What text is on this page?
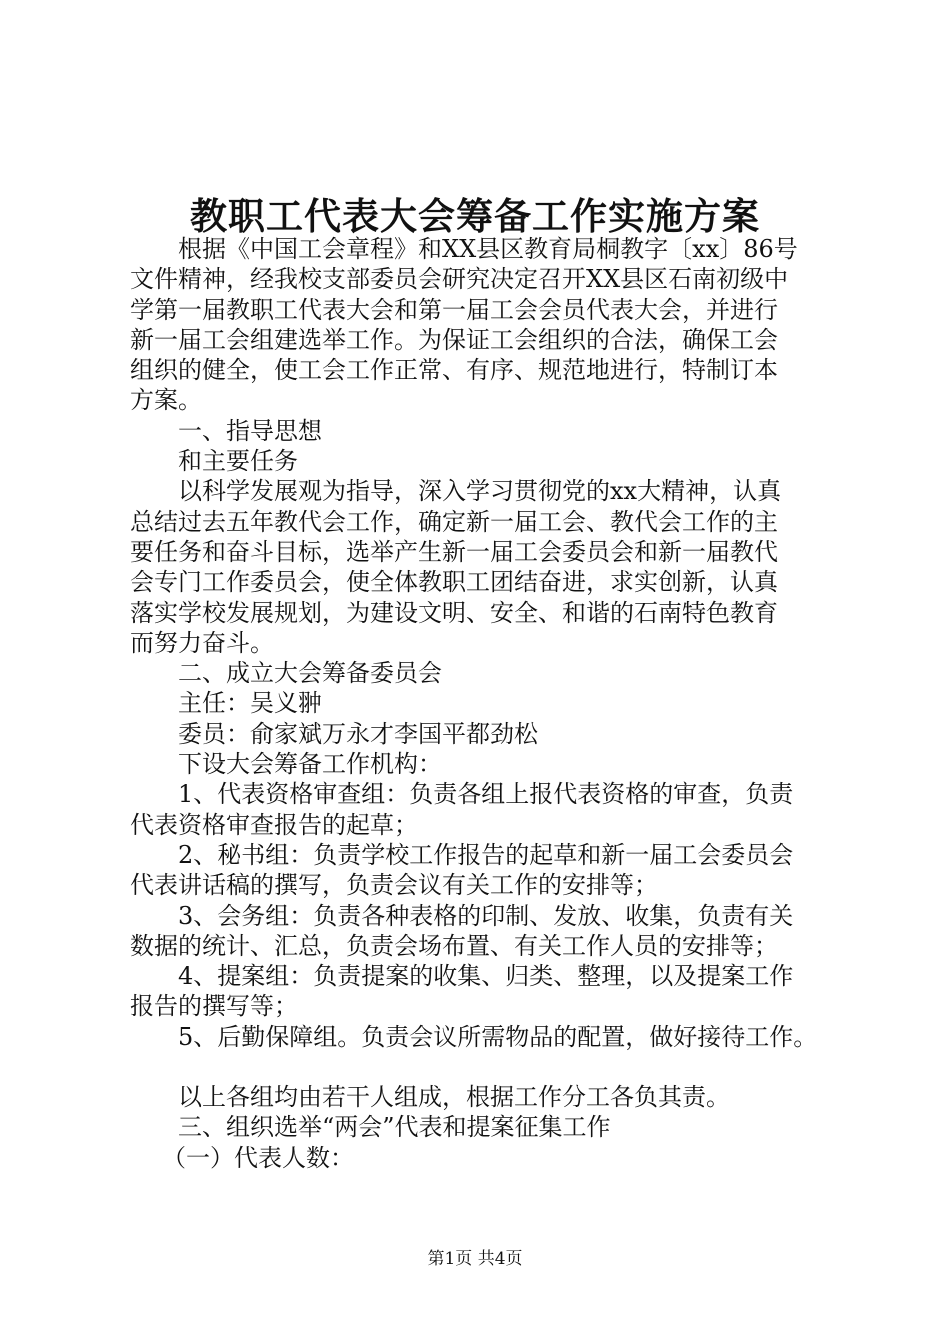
教职工代表大会筹备工作实施方案

根据《中国工会章程》和XX县区教育局桐教字〔xx〕86号

文件精神，经我校支部委员会研究决定召开XX县区石南初级中

学第一届教职工代表大会和第一届工会会员代表大会，并进行

新一届工会组建选举工作。为保证工会组织的合法，确保工会

组织的健全，使工会工作正常、有序、规范地进行，特制订本

方案。

一、指导思想

和主要任务

以科学发展观为指导，深入学习贯彻党的xx大精神，认真

总结过去五年教代会工作，确定新一届工会、教代会工作的主

要任务和奋斗目标，选举产生新一届工会委员会和新一届教代

会专门工作委员会，使全体教职工团结奋进，求实创新，认真

落实学校发展规划，为建设文明、安全、和谐的石南特色教育

而努力奋斗。

二、成立大会筹备委员会

主任：吴义翀

委员：俞家斌万永才李国平都劲松

下设大会筹备工作机构：

1、代表资格审查组：负责各组上报代表资格的审查，负责

代表资格审查报告的起草；

2、秘书组：负责学校工作报告的起草和新一届工会委员会

代表讲话稿的撰写，负责会议有关工作的安排等；

3、会务组：负责各种表格的印制、发放、收集，负责有关

数据的统计、汇总，负责会场布置、有关工作人员的安排等；

4、提案组：负责提案的收集、归类、整理，以及提案工作

报告的撰写等；

5、后勤保障组。负责会议所需物品的配置，做好接待工作。

以上各组均由若干人组成，根据工作分工各负其责。

三、组织选举“两会”代表和提案征集工作

（一）代表人数：

第1页 共4页
